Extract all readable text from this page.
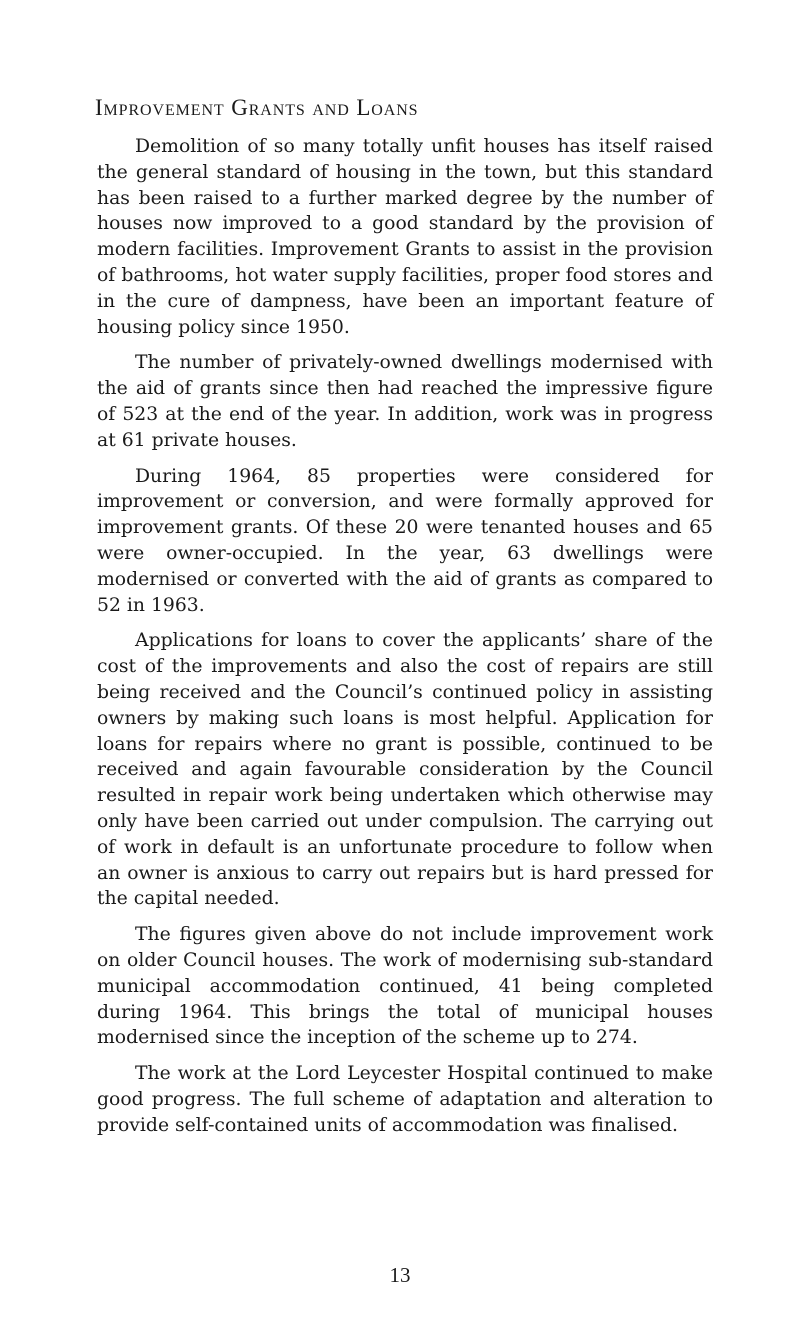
Improvement Grants and Loans

Demolition of so many totally unfit houses has itself raised the general standard of housing in the town, but this standard has been raised to a further marked degree by the number of houses now improved to a good standard by the provision of modern facilities. Improvement Grants to assist in the provision of bathrooms, hot water supply facilities, proper food stores and in the cure of dampness, have been an important feature of housing policy since 1950.

The number of privately-owned dwellings modernised with the aid of grants since then had reached the impressive figure of 523 at the end of the year. In addition, work was in progress at 61 private houses.

During 1964, 85 properties were considered for improvement or conversion, and were formally approved for improvement grants. Of these 20 were tenanted houses and 65 were owner-occupied. In the year, 63 dwellings were modernised or converted with the aid of grants as compared to 52 in 1963.

Applications for loans to cover the applicants’ share of the cost of the improvements and also the cost of repairs are still being received and the Council’s continued policy in assisting owners by making such loans is most helpful. Application for loans for repairs where no grant is possible, continued to be received and again favourable consideration by the Council resulted in repair work being undertaken which otherwise may only have been carried out under compulsion. The carrying out of work in default is an unfortunate procedure to follow when an owner is anxious to carry out repairs but is hard pressed for the capital needed.

The figures given above do not include improvement work on older Council houses. The work of modernising sub-standard municipal accommodation continued, 41 being completed during 1964. This brings the total of municipal houses modernised since the inception of the scheme up to 274.

The work at the Lord Leycester Hospital continued to make good progress. The full scheme of adaptation and alteration to provide self-contained units of accommodation was finalised.

13
